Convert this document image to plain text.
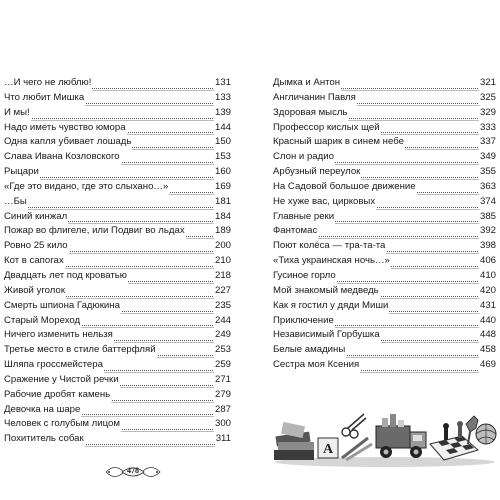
…И чего не люблю!	131
Что любит Мишка	133
И мы!	139
Надо иметь чувство юмора	144
Одна капля убивает лошадь	150
Слава Ивана Козловского	153
Рыцари	160
«Где это видано, где это слыхано…»	169
…Бы	181
Синий кинжал	184
Пожар во флигеле, или Подвиг во льдах	189
Ровно 25 кило	200
Кот в сапогах	210
Двадцать лет под кроватью	218
Живой уголок	227
Смерть шпиона Гадюкина	235
Старый Мореход	244
Ничего изменить нельзя	249
Третье место в стиле баттерфляй	253
Шляпа гроссмейстера	259
Сражение у Чистой речки	271
Рабочие дробят камень	279
Девочка на шаре	287
Человек с голубым лицом	300
Похититель собак	311
Дымка и Антон	321
Англичанин Павля	325
Здоровая мысль	329
Профессор кислых щей	333
Красный шарик в синем небе	337
Слон и радио	349
Арбузный переулок	355
На Садовой большое движение	363
Не хуже вас, цирковых	374
Главные реки	385
Фантомас	392
Поют колёса — тра-та-та	398
«Тиха украинская ночь…»	406
Гусиное горло	410
Мой знакомый медведь	420
Как я гостил у дяди Миши	431
Приключение	440
Независимый Горбушка	448
Белые амадины	458
Сестра моя Ксения	469
478
A
